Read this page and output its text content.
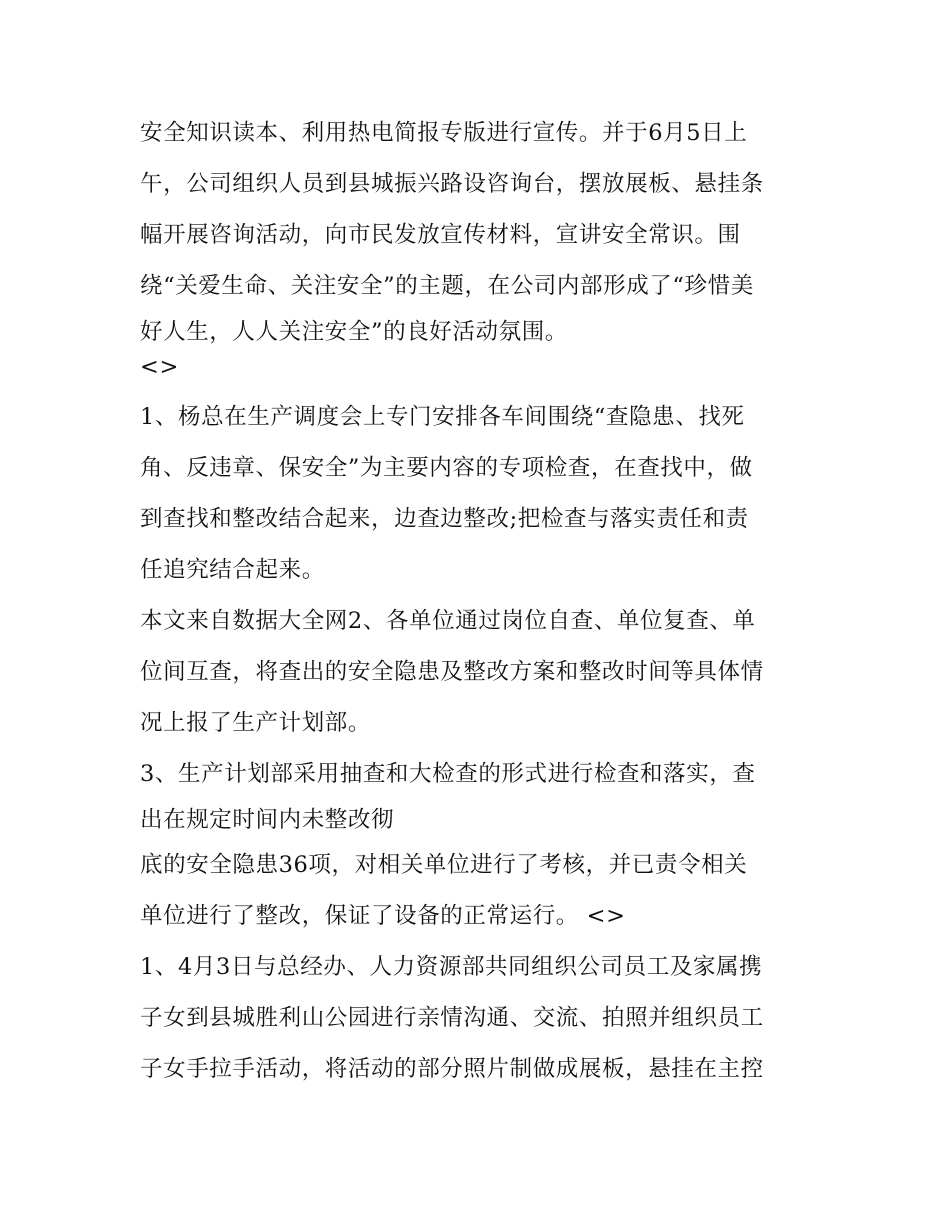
安全知识读本、利用热电简报专版进行宣传。并于6月5日上
午，公司组织人员到县城振兴路设咨询台，摆放展板、悬挂条
幅开展咨询活动，向市民发放宣传材料，宣讲安全常识。围
绕“关爱生命、关注安全”的主题，在公司内部形成了“珍惜美
好人生，人人关注安全”的良好活动氛围。
<>
1、杨总在生产调度会上专门安排各车间围绕“查隐患、找死
角、反违章、保安全”为主要内容的专项检查，在查找中，做
到查找和整改结合起来，边查边整改;把检查与落实责任和责
任追究结合起来。
本文来自数据大全网2、各单位通过岗位自查、单位复查、单
位间互查，将查出的安全隐患及整改方案和整改时间等具体情
况上报了生产计划部。
3、生产计划部采用抽查和大检查的形式进行检查和落实，查
出在规定时间内未整改彻
底的安全隐患36项，对相关单位进行了考核，并已责令相关
单位进行了整改，保证了设备的正常运行。 <>
1、4月3日与总经办、人力资源部共同组织公司员工及家属携
子女到县城胜利山公园进行亲情沟通、交流、拍照并组织员工
子女手拉手活动，将活动的部分照片制做成展板，悬挂在主控
